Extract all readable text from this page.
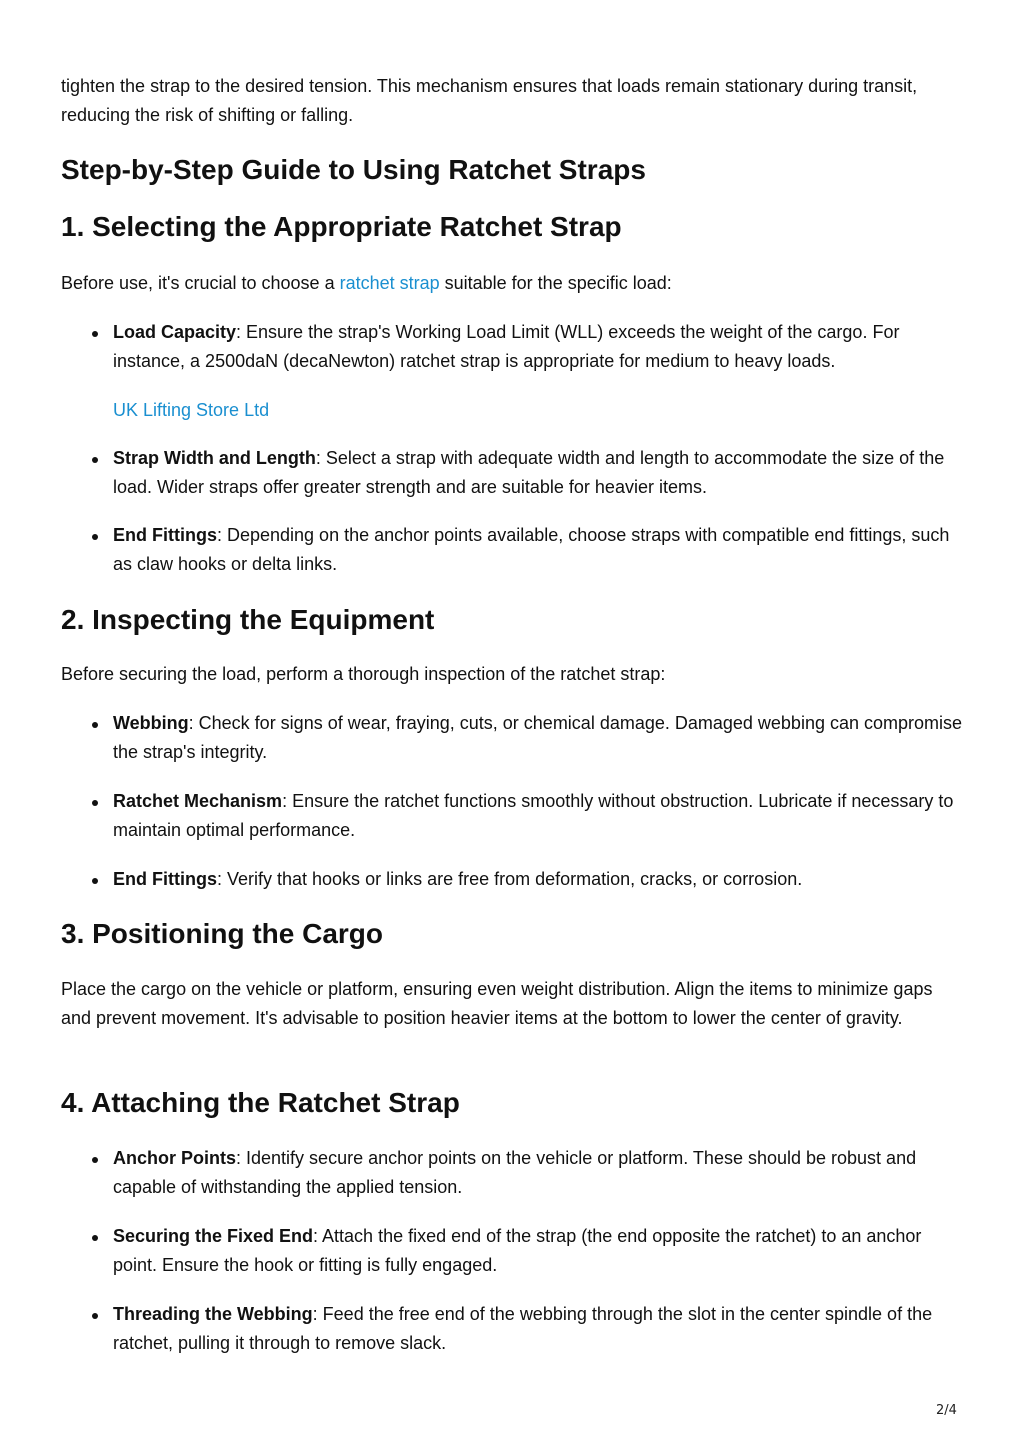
tighten the strap to the desired tension. This mechanism ensures that loads remain stationary during transit, reducing the risk of shifting or falling.

Step-by-Step Guide to Using Ratchet Straps
1. Selecting the Appropriate Ratchet Strap

Before use, it's crucial to choose a ratchet strap suitable for the specific load:

Load Capacity: Ensure the strap's Working Load Limit (WLL) exceeds the weight of the cargo. For instance, a 2500daN (decaNewton) ratchet strap is appropriate for medium to heavy loads.
UK Lifting Store Ltd
Strap Width and Length: Select a strap with adequate width and length to accommodate the size of the load. Wider straps offer greater strength and are suitable for heavier items.
End Fittings: Depending on the anchor points available, choose straps with compatible end fittings, such as claw hooks or delta links.
2. Inspecting the Equipment

Before securing the load, perform a thorough inspection of the ratchet strap:

Webbing: Check for signs of wear, fraying, cuts, or chemical damage. Damaged webbing can compromise the strap's integrity.
Ratchet Mechanism: Ensure the ratchet functions smoothly without obstruction. Lubricate if necessary to maintain optimal performance.
End Fittings: Verify that hooks or links are free from deformation, cracks, or corrosion.
3. Positioning the Cargo

Place the cargo on the vehicle or platform, ensuring even weight distribution. Align the items to minimize gaps and prevent movement. It's advisable to position heavier items at the bottom to lower the center of gravity.

4. Attaching the Ratchet Strap
Anchor Points: Identify secure anchor points on the vehicle or platform. These should be robust and capable of withstanding the applied tension.
Securing the Fixed End: Attach the fixed end of the strap (the end opposite the ratchet) to an anchor point. Ensure the hook or fitting is fully engaged.
Threading the Webbing: Feed the free end of the webbing through the slot in the center spindle of the ratchet, pulling it through to remove slack.
2/4
